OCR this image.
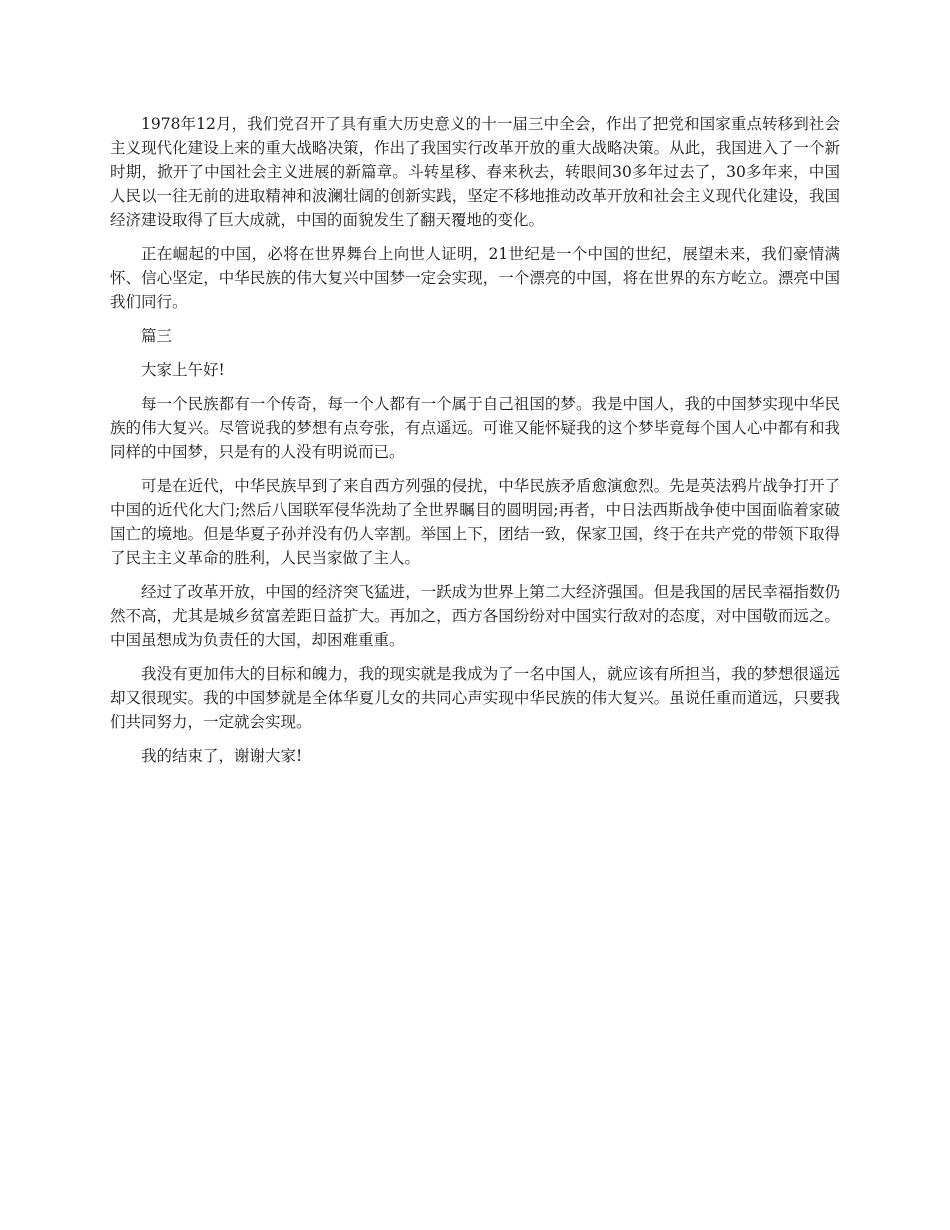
1978年12月，我们党召开了具有重大历史意义的十一届三中全会，作出了把党和国家重点转移到社会主义现代化建设上来的重大战略决策，作出了我国实行改革开放的重大战略决策。从此，我国进入了一个新时期，掀开了中国社会主义进展的新篇章。斗转星移、春来秋去，转眼间30多年过去了，30多年来，中国人民以一往无前的进取精神和波澜壮阔的创新实践，坚定不移地推动改革开放和社会主义现代化建设，我国经济建设取得了巨大成就，中国的面貌发生了翻天覆地的变化。

正在崛起的中国，必将在世界舞台上向世人证明，21世纪是一个中国的世纪，展望未来，我们豪情满怀、信心坚定，中华民族的伟大复兴中国梦一定会实现，一个漂亮的中国，将在世界的东方屹立。漂亮中国我们同行。

篇三

大家上午好!

每一个民族都有一个传奇，每一个人都有一个属于自己祖国的梦。我是中国人，我的中国梦实现中华民族的伟大复兴。尽管说我的梦想有点夸张，有点遥远。可谁又能怀疑我的这个梦毕竟每个国人心中都有和我同样的中国梦，只是有的人没有明说而已。

可是在近代，中华民族早到了来自西方列强的侵扰，中华民族矛盾愈演愈烈。先是英法鸦片战争打开了中国的近代化大门;然后八国联军侵华洗劫了全世界瞩目的圆明园;再者，中日法西斯战争使中国面临着家破国亡的境地。但是华夏子孙并没有仍人宰割。举国上下，团结一致，保家卫国，终于在共产党的带领下取得了民主主义革命的胜利，人民当家做了主人。

经过了改革开放，中国的经济突飞猛进，一跃成为世界上第二大经济强国。但是我国的居民幸福指数仍然不高，尤其是城乡贫富差距日益扩大。再加之，西方各国纷纷对中国实行敌对的态度，对中国敬而远之。中国虽想成为负责任的大国，却困难重重。

我没有更加伟大的目标和魄力，我的现实就是我成为了一名中国人，就应该有所担当，我的梦想很遥远却又很现实。我的中国梦就是全体华夏儿女的共同心声实现中华民族的伟大复兴。虽说任重而道远，只要我们共同努力，一定就会实现。

我的结束了，谢谢大家!
